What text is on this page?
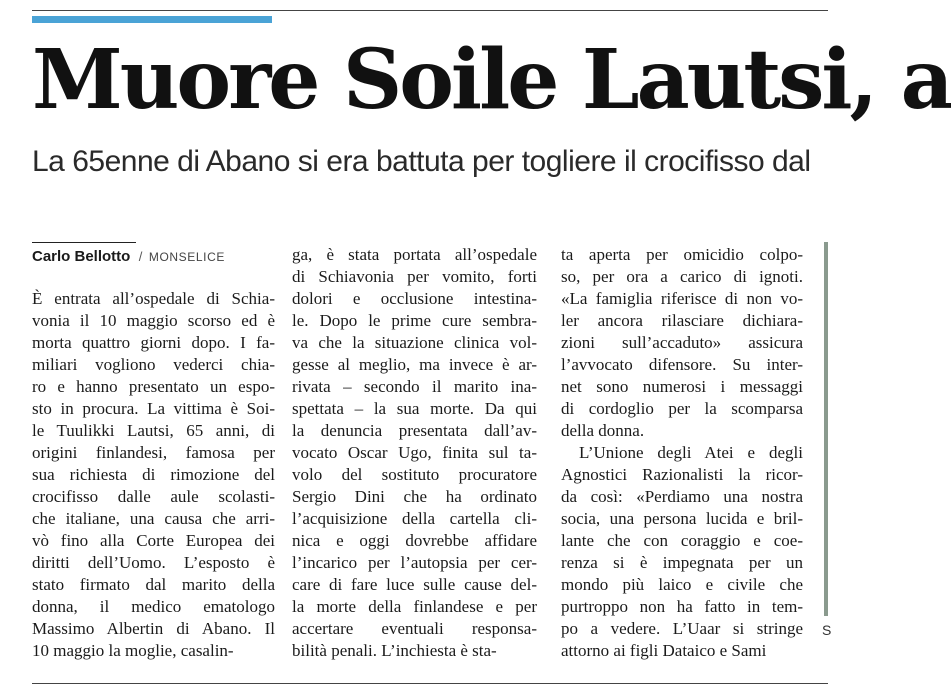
Muore Soile Lautsi, a
La 65enne di Abano si era battuta per togliere il crocifisso dal
Carlo Bellotto / MONSELICE
È entrata all’ospedale di Schia-
vonia il 10 maggio scorso ed è
morta quattro giorni dopo. I fa-
miliari vogliono vederci chia-
ro e hanno presentato un espo-
sto in procura. La vittima è Soi-
le Tuulikki Lautsi, 65 anni, di
origini finlandesi, famosa per
sua richiesta di rimozione del
crocifisso dalle aule scolasti-
che italiane, una causa che arri-
vò fino alla Corte Europea dei
diritti dell’Uomo. L’esposto è
stato firmato dal marito della
donna, il medico ematologo
Massimo Albertin di Abano. Il
10 maggio la moglie, casalin-
ga, è stata portata all’ospedale
di Schiavonia per vomito, forti
dolori e occlusione intestina-
le. Dopo le prime cure sembra-
va che la situazione clinica vol-
gesse al meglio, ma invece è ar-
rivata – secondo il marito ina-
spettata – la sua morte. Da qui
la denuncia presentata dall’av-
vocato Oscar Ugo, finita sul ta-
volo del sostituto procuratore
Sergio Dini che ha ordinato
l’acquisizione della cartella cli-
nica e oggi dovrebbe affidare
l’incarico per l’autopsia per cer-
care di fare luce sulle cause del-
la morte della finlandese e per
accertare eventuali responsa-
bilità penali. L’inchiesta è sta-
ta aperta per omicidio colpo-
so, per ora a carico di ignoti.
«La famiglia riferisce di non vo-
ler ancora rilasciare dichiara-
zioni sull’accaduto» assicura
l’avvocato difensore. Su inter-
net sono numerosi i messaggi
di cordoglio per la scomparsa
della donna.
L’Unione degli Atei e degli
Agnostici Razionalisti la ricor-
da così: «Perdiamo una nostra
socia, una persona lucida e bril-
lante che con coraggio e coe-
renza si è impegnata per un
mondo più laico e civile che
purtroppo non ha fatto in tem-
po a vedere. L’Uaar si stringe
attorno ai figli Dataico e Sami
S
